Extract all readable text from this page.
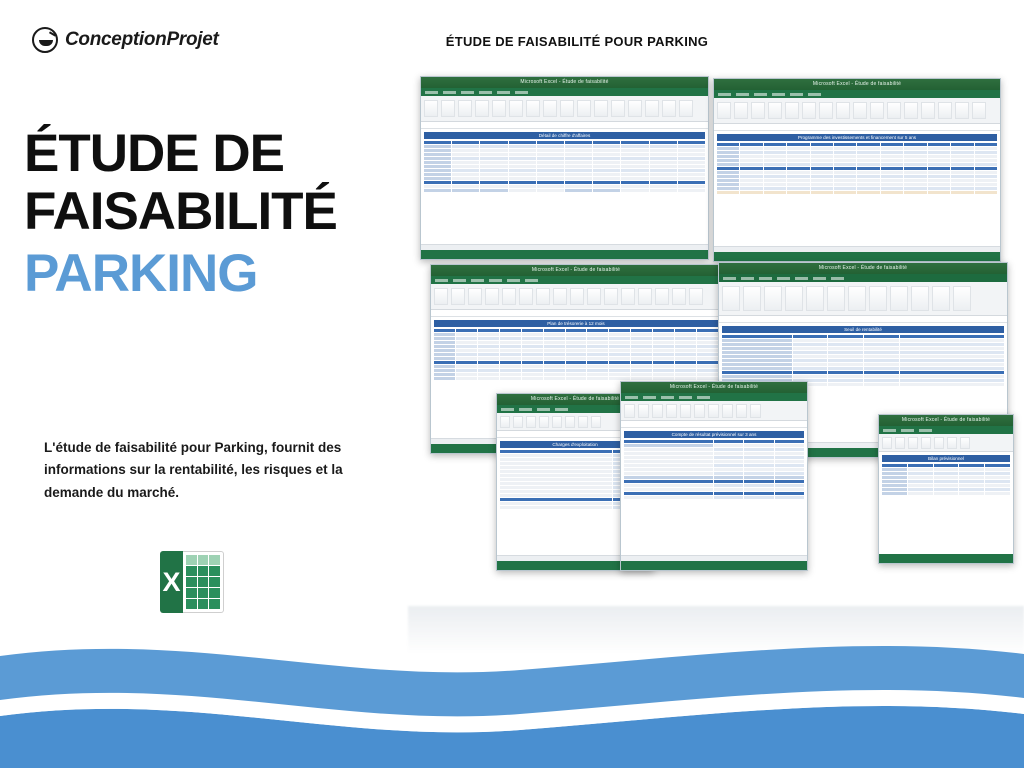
ConceptionProjet	ÉTUDE DE FAISABILITÉ POUR PARKING
ÉTUDE DE
FAISABILITÉ
PARKING
L'étude de faisabilité pour Parking, fournit des informations sur la rentabilité, les risques et la demande du marché.
X
Microsoft Excel - Étude de faisabilité
Détail de chiffre d'affaires
Microsoft Excel - Étude de faisabilité
Programme des investissements et financement sur 5 ans
Microsoft Excel - Étude de faisabilité
Plan de trésorerie à 12 mois
Microsoft Excel - Étude de faisabilité
Seuil de rentabilité
Microsoft Excel - Étude de faisabilité
Bilan prévisionnel
Microsoft Excel - Étude de faisabilité
Charges d'exploitation
Microsoft Excel - Étude de faisabilité
Compte de résultat prévisionnel sur 3 ans
